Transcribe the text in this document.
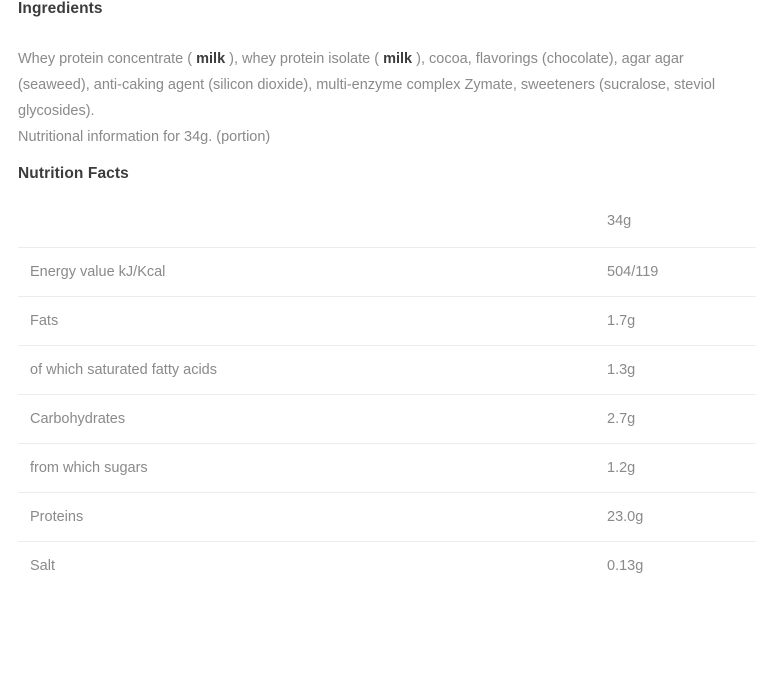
Ingredients

Whey protein concentrate ( milk ), whey protein isolate ( milk ), cocoa, flavorings (chocolate), agar agar (seaweed), anti-caking agent (silicon dioxide), multi-enzyme complex Zymate, sweeteners (sucralose, steviol glycosides).
Nutritional information for 34g. (portion)

Nutrition Facts
	34g
Energy value kJ/Kcal	504/119
Fats	1.7g
of which saturated fatty acids	1.3g
Carbohydrates	2.7g
from which sugars	1.2g
Proteins	23.0g
Salt	0.13g
